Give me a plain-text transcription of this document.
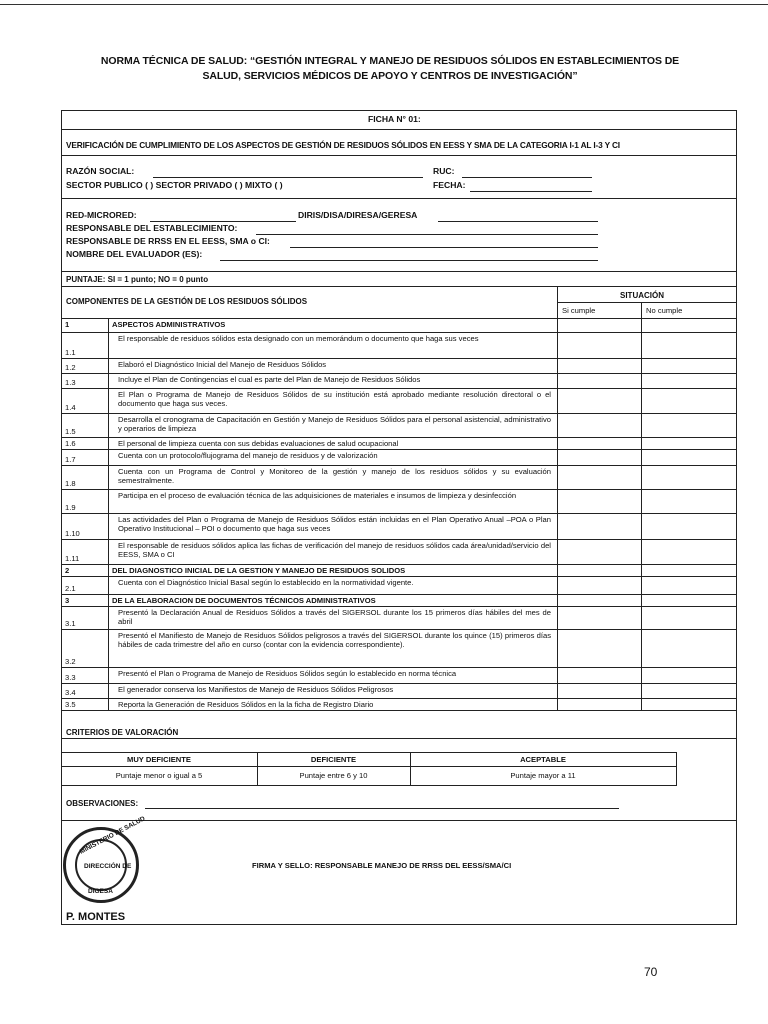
NORMA TÉCNICA DE SALUD: “GESTIÓN INTEGRAL Y MANEJO DE RESIDUOS SÓLIDOS EN ESTABLECIMIENTOS DE
SALUD, SERVICIOS MÉDICOS DE APOYO Y CENTROS DE INVESTIGACIÓN”
FICHA N° 01:
VERIFICACIÓN DE CUMPLIMIENTO DE LOS ASPECTOS DE GESTIÓN DE RESIDUOS SÓLIDOS EN EESS Y SMA DE LA CATEGORIA I-1 AL I-3 Y CI
RAZÓN SOCIAL:	RUC:
SECTOR PUBLICO ( ) SECTOR PRIVADO ( ) MIXTO ( )	FECHA:
RED-MICRORED:	DIRIS/DISA/DIRESA/GERESA
RESPONSABLE DEL ESTABLECIMIENTO:
RESPONSABLE DE RRSS EN EL EESS, SMA o CI:
NOMBRE DEL EVALUADOR (ES):
PUNTAJE: SI = 1 punto; NO = 0 punto
COMPONENTES DE LA GESTIÓN DE LOS RESIDUOS SÓLIDOS
SITUACIÓN
Si cumple	No cumple
1	ASPECTOS ADMINISTRATIVOS
1.1
El responsable de residuos sólidos esta designado con un memorándum o documento que haga sus veces
1.2	Elaboró el Diagnóstico Inicial del Manejo de Residuos Sólidos
1.3	Incluye el Plan de Contingencias el cual es parte del Plan de Manejo de Residuos Sólidos
1.4
El Plan o Programa de Manejo de Residuos Sólidos de su institución está aprobado mediante resolución directoral o el documento que haga sus veces.
1.5
Desarrolla el cronograma de Capacitación en Gestión y Manejo de Residuos Sólidos para el personal asistencial, administrativo y operarios de limpieza
1.6	El personal de limpieza cuenta con sus debidas evaluaciones de salud ocupacional
1.7	Cuenta con un protocolo/flujograma del manejo de residuos y de valorización
1.8
Cuenta con un Programa de Control y Monitoreo de la gestión y manejo de los residuos sólidos y su evaluación semestralmente.
1.9
Participa en el proceso de evaluación técnica de las adquisiciones de materiales e insumos de limpieza y desinfección
1.10
Las actividades del Plan o Programa de Manejo de Residuos Sólidos están incluidas en el Plan Operativo Anual –POA o Plan Operativo Institucional – POI o documento que haga sus veces
1.11
El responsable de residuos sólidos aplica las fichas de verificación del manejo de residuos sólidos cada área/unidad/servicio del EESS, SMA o CI
2	DEL DIAGNOSTICO INICIAL DE LA GESTION Y MANEJO DE RESIDUOS SOLIDOS
2.1
Cuenta con el Diagnóstico Inicial Basal según lo establecido en la normatividad vigente.
3	DE LA ELABORACION DE DOCUMENTOS TÉCNICOS ADMINISTRATIVOS
3.1
Presentó la Declaración Anual de Residuos Sólidos a través del SIGERSOL durante los 15 primeros días hábiles del mes de abril
3.2
Presentó el Manifiesto de Manejo de Residuos Sólidos peligrosos a través del SIGERSOL durante los quince (15) primeros días hábiles de cada trimestre del año en curso (contar con la evidencia correspondiente).
3.3	Presentó el Plan o Programa de Manejo de Residuos Sólidos según lo establecido en norma técnica
3.4	El generador conserva los Manifiestos de Manejo de Residuos Sólidos Peligrosos
3.5	Reporta la Generación de Residuos Sólidos en la la ficha de Registro Diario
CRITERIOS DE VALORACIÓN
MUY DEFICIENTE	DEFICIENTE	ACEPTABLE
Puntaje menor o igual a 5	Puntaje entre 6 y 10	Puntaje mayor a 11
OBSERVACIONES:
FIRMA Y SELLO: RESPONSABLE MANEJO DE RRSS DEL EESS/SMA/CI
MINISTERIO DE SALUD
DIRECCIÓN DE
DIGESA
P. MONTES
70
